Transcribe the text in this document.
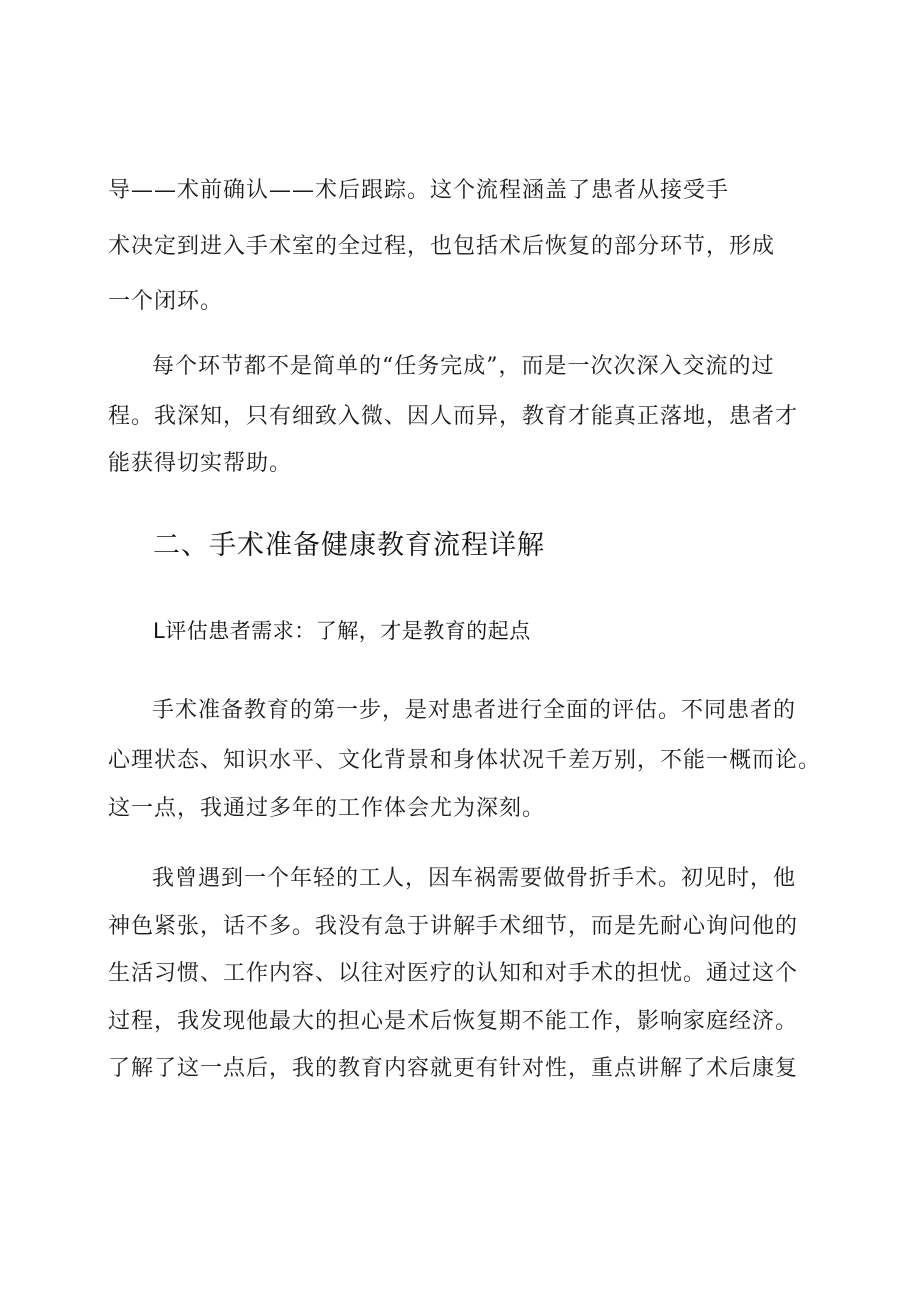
导——术前确认——术后跟踪。这个流程涵盖了患者从接受手
术决定到进入手术室的全过程，也包括术后恢复的部分环节，形成
一个闭环。
每个环节都不是简单的“任务完成”，而是一次次深入交流的过
程。我深知，只有细致入微、因人而异，教育才能真正落地，患者才
能获得切实帮助。
二、手术准备健康教育流程详解
L评估患者需求：了解，才是教育的起点
手术准备教育的第一步，是对患者进行全面的评估。不同患者的
心理状态、知识水平、文化背景和身体状况千差万别，不能一概而论。
这一点，我通过多年的工作体会尤为深刻。
我曾遇到一个年轻的工人，因车祸需要做骨折手术。初见时，他
神色紧张，话不多。我没有急于讲解手术细节，而是先耐心询问他的
生活习惯、工作内容、以往对医疗的认知和对手术的担忧。通过这个
过程，我发现他最大的担心是术后恢复期不能工作，影响家庭经济。
了解了这一点后，我的教育内容就更有针对性，重点讲解了术后康复
